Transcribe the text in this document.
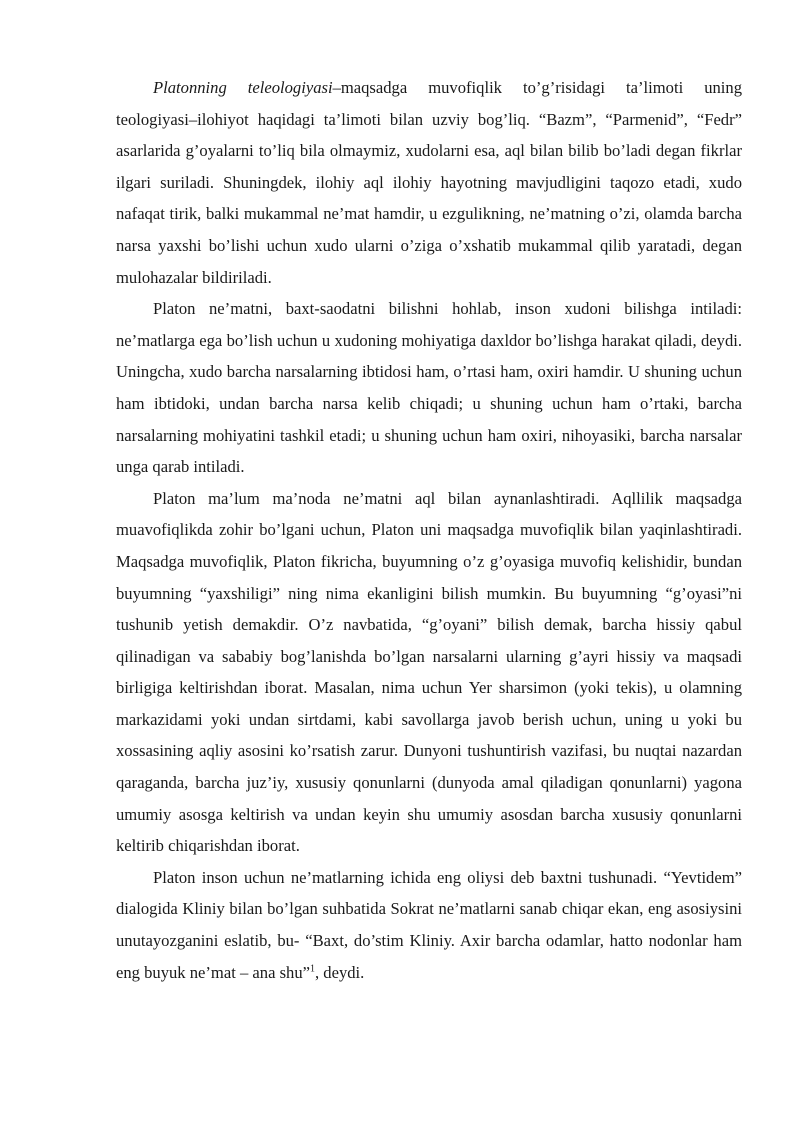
Platonning teleologiyasi–maqsadga muvofiqlik to’g’risidagi ta’limoti uning teologiyasi–ilohiyot haqidagi ta’limoti bilan uzviy bog’liq. “Bazm”, “Parmenid”, “Fedr” asarlarida g’oyalarni to’liq bila olmaymiz, xudolarni esa, aql bilan bilib bo’ladi degan fikrlar ilgari suriladi. Shuningdek, ilohiy aql ilohiy hayotning mavjudligini taqozo etadi, xudo nafaqat tirik, balki mukammal ne’mat hamdir, u ezgulikning, ne’matning o’zi, olamda barcha narsa yaxshi bo’lishi uchun xudo ularni o’ziga o’xshatib mukammal qilib yaratadi, degan mulohazalar bildiriladi.

Platon ne’matni, baxt-saodatni bilishni hohlab, inson xudoni bilishga intiladi: ne’matlarga ega bo’lish uchun u xudoning mohiyatiga daxldor bo’lishga harakat qiladi, deydi. Uningcha, xudo barcha narsalarning ibtidosi ham, o’rtasi ham, oxiri hamdir. U shuning uchun ham ibtidoki, undan barcha narsa kelib chiqadi; u shuning uchun ham o’rtaki, barcha narsalarning mohiyatini tashkil etadi; u shuning uchun ham oxiri, nihoyasiki, barcha narsalar unga qarab intiladi.

Platon ma’lum ma’noda ne’matni aql bilan aynanlashtiradi. Aqllilik maqsadga muavofiqlikda zohir bo’lgani uchun, Platon uni maqsadga muvofiqlik bilan yaqinlashtiradi. Maqsadga muvofiqlik, Platon fikricha, buyumning o’z g’oyasiga muvofiq kelishidir, bundan buyumning “yaxshiligi” ning nima ekanligini bilish mumkin. Bu buyumning “g’oyasi”ni tushunib yetish demakdir. O’z navbatida, “g’oyani” bilish demak, barcha hissiy qabul qilinadigan va sababiy bog’lanishda bo’lgan narsalarni ularning g’ayri hissiy va maqsadi birligiga keltirishdan iborat. Masalan, nima uchun Yer sharsimon (yoki tekis), u olamning markazidami yoki undan sirtdami, kabi savollarga javob berish uchun, uning u yoki bu xossasining aqliy asosini ko’rsatish zarur. Dunyoni tushuntirish vazifasi, bu nuqtai nazardan qaraganda, barcha juz’iy, xususiy qonunlarni (dunyoda amal qiladigan qonunlarni) yagona umumiy asosga keltirish va undan keyin shu umumiy asosdan barcha xususiy qonunlarni keltirib chiqarishdan iborat.

Platon inson uchun ne’matlarning ichida eng oliysi deb baxtni tushunadi. “Yevtidem” dialogida Kliniy bilan bo’lgan suhbatida Sokrat ne’matlarni sanab chiqar ekan, eng asosiysini unutayozganini eslatib, bu- “Baxt, do’stim Kliniy. Axir barcha odamlar, hatto nodonlar ham eng buyuk ne’mat – ana shu”$^1$, deydi.
